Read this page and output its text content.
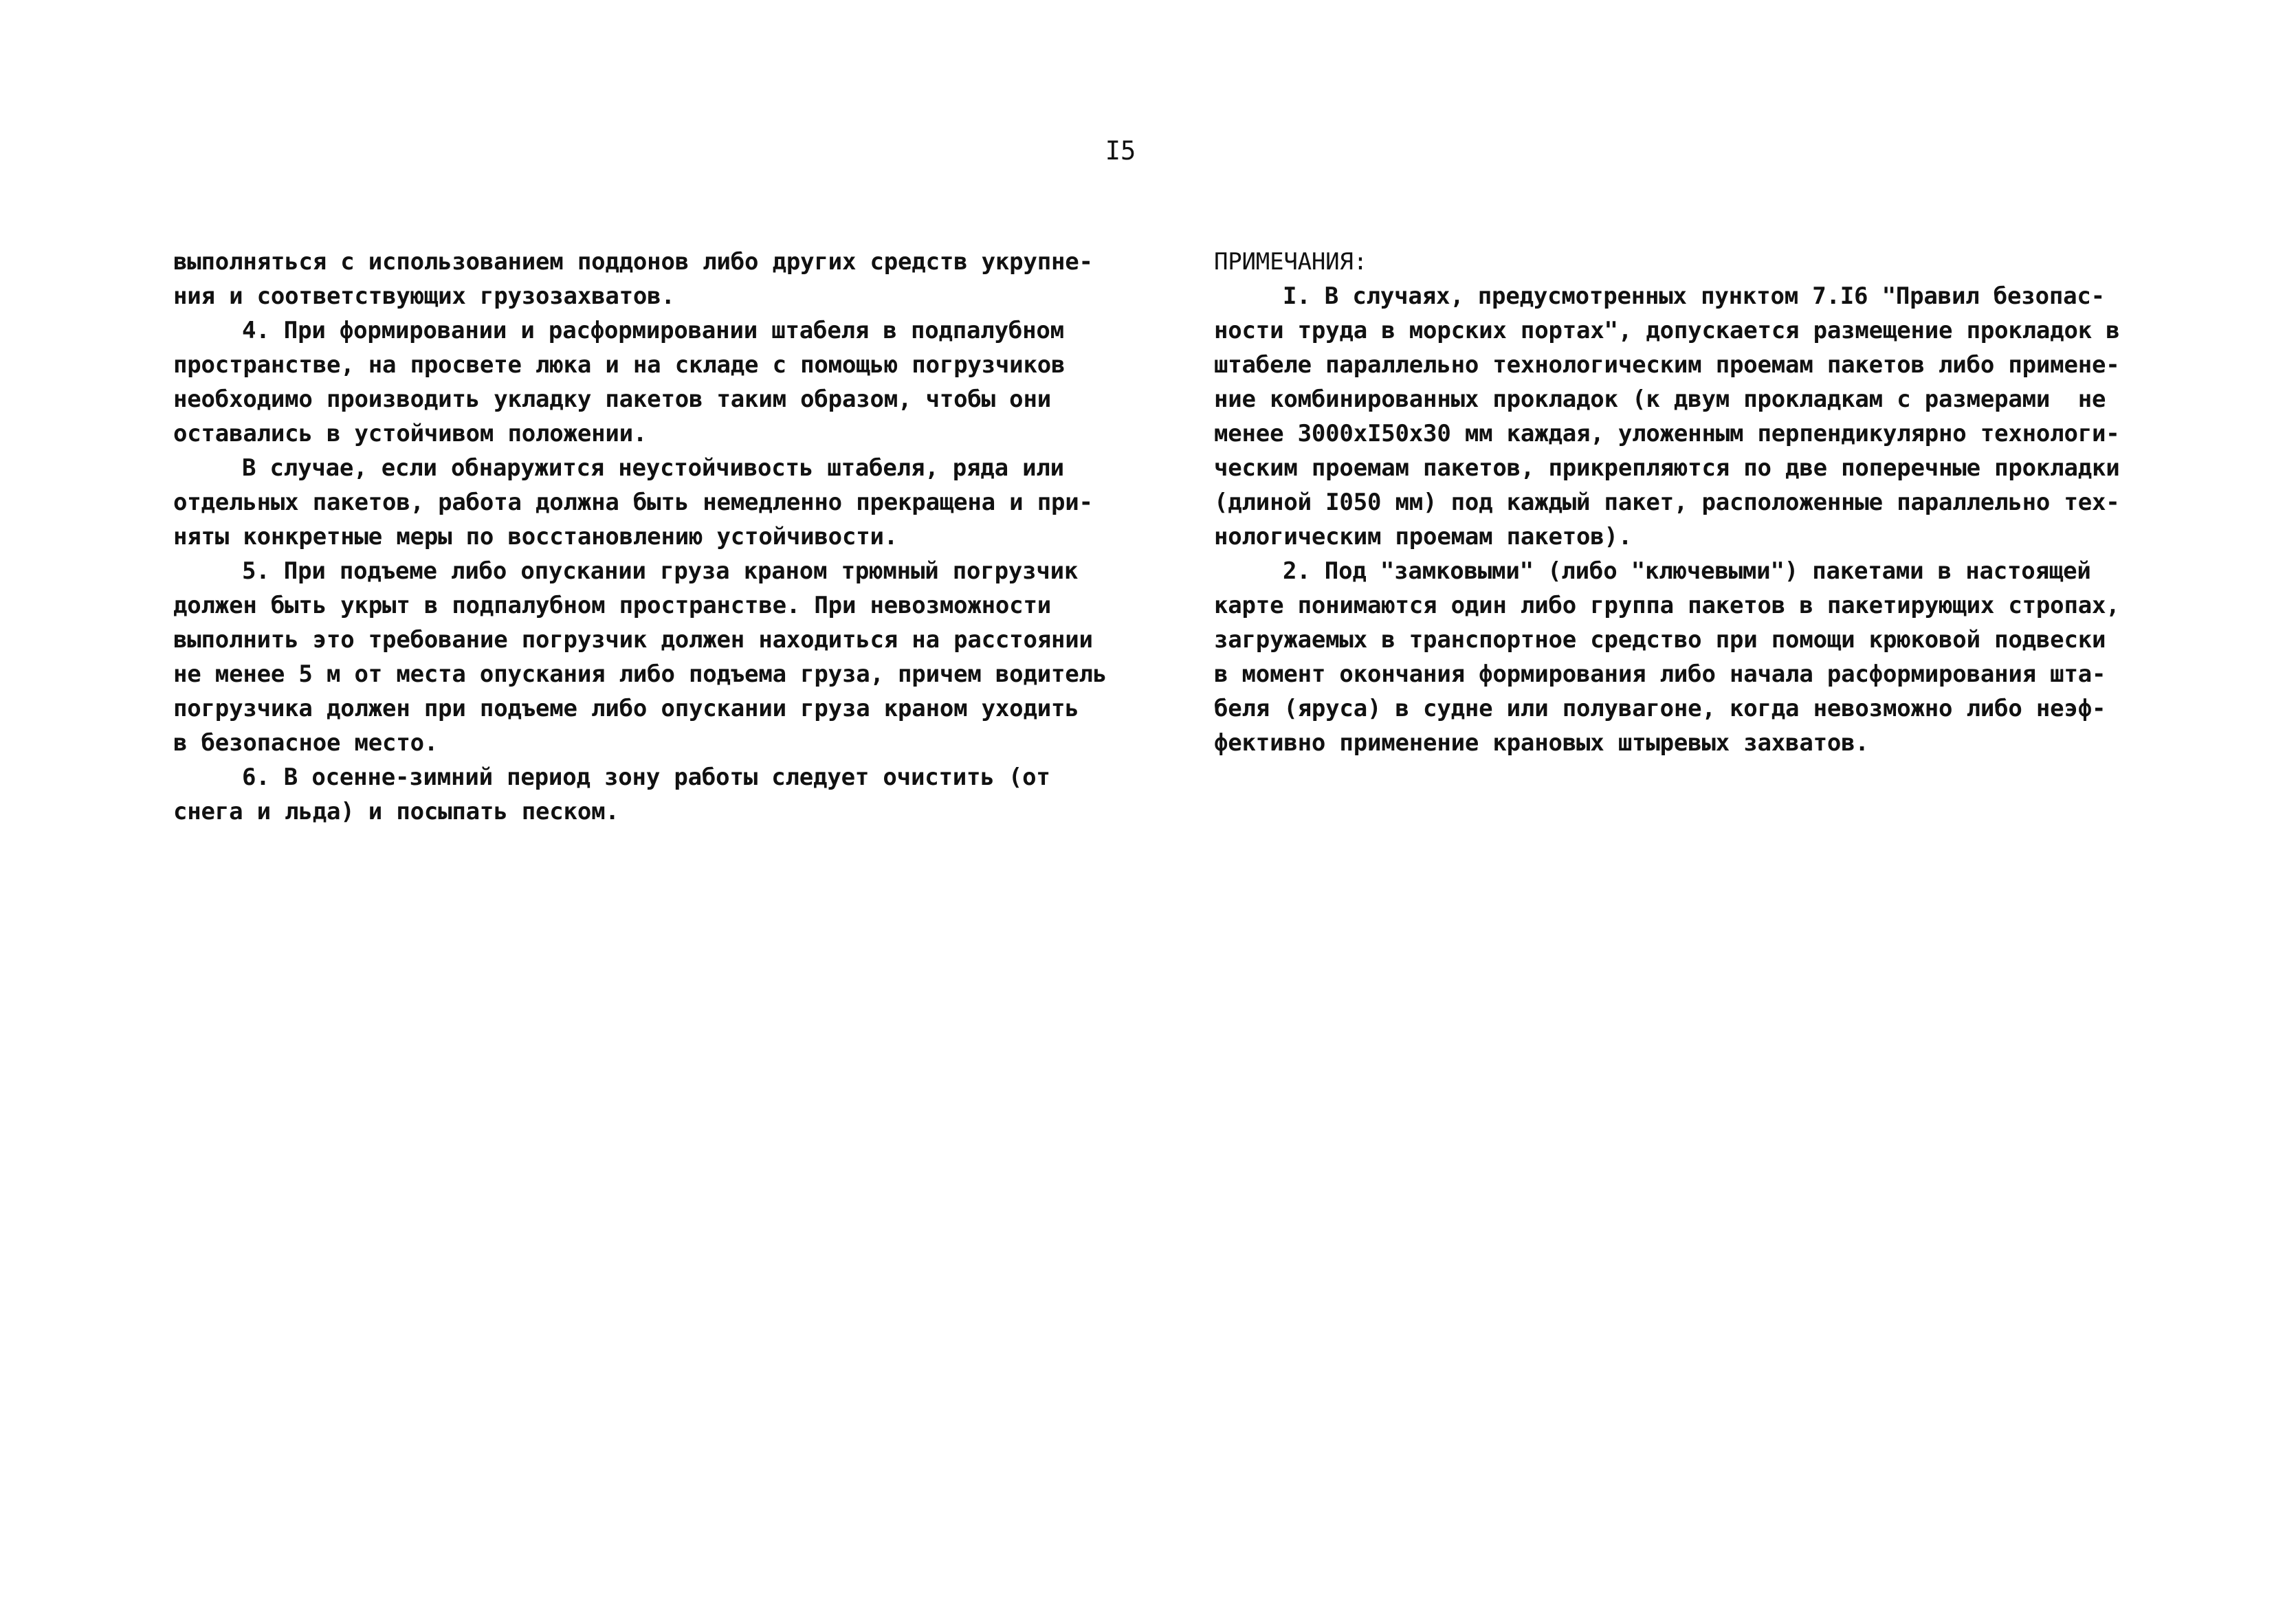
I5
выполняться с использованием поддонов либо других средств укрупне-
ния и соответствующих грузозахватов.
4. При формировании и расформировании штабеля в подпалубном
пространстве, на просвете люка и на складе с помощью погрузчиков
необходимо производить укладку пакетов таким образом, чтобы они
оставались в устойчивом положении.
В случае, если обнаружится неустойчивость штабеля, ряда или
отдельных пакетов, работа должна быть немедленно прекращена и при-
няты конкретные меры по восстановлению устойчивости.
5. При подъеме либо опускании груза краном трюмный погрузчик
должен быть укрыт в подпалубном пространстве. При невозможности
выполнить это требование погрузчик должен находиться на расстоянии
не менее 5 м от места опускания либо подъема груза, причем водитель
погрузчика должен при подъеме либо опускании груза краном уходить
в безопасное место.
6. В осенне-зимний период зону работы следует очистить (от
снега и льда) и посыпать песком.
ПРИМЕЧАНИЯ:
I. В случаях, предусмотренных пунктом 7.I6 "Правил безопас-
ности труда в морских портах", допускается размещение прокладок в
штабеле параллельно технологическим проемам пакетов либо примене-
ние комбинированных прокладок (к двум прокладкам с размерами  не
менее 3000хI50х30 мм каждая, уложенным перпендикулярно технологи-
ческим проемам пакетов, прикрепляются по две поперечные прокладки
(длиной I050 мм) под каждый пакет, расположенные параллельно тех-
нологическим проемам пакетов).
2. Под "замковыми" (либо "ключевыми") пакетами в настоящей
карте понимаются один либо группа пакетов в пакетирующих стропах,
загружаемых в транспортное средство при помощи крюковой подвески
в момент окончания формирования либо начала расформирования шта-
беля (яруса) в судне или полувагоне, когда невозможно либо неэф-
фективно применение крановых штыревых захватов.
